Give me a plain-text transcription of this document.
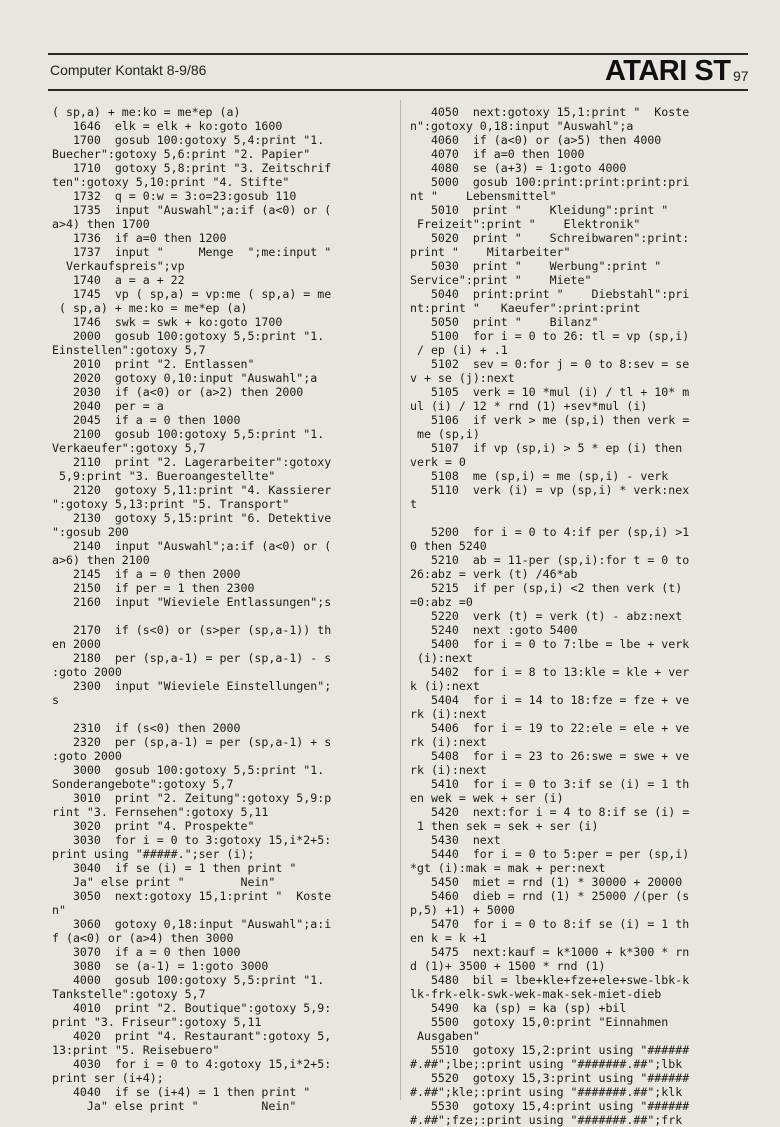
Computer Kontakt 8-9/86	ATARI ST 97
( sp,a) + me:ko = me*ep (a)
1646  elk = elk + ko:goto 1600
1700  gosub 100:gotoxy 5,4:print "1.
Buecher":gotoxy 5,6:print "2. Papier"
1710  gotoxy 5,8:print "3. Zeitschrif
ten":gotoxy 5,10:print "4. Stifte"
1732  q = 0:w = 3:o=23:gosub 110
1735  input "Auswahl";a:if (a<0) or (
a>4) then 1700
1736  if a=0 then 1200
1737  input "     Menge  ";me:input "
Verkaufspreis";vp
1740  a = a + 22
1745  vp ( sp,a) = vp:me ( sp,a) = me
( sp,a) + me:ko = me*ep (a)
1746  swk = swk + ko:goto 1700
2000  gosub 100:gotoxy 5,5:print "1.
Einstellen":gotoxy 5,7
2010  print "2. Entlassen"
2020  gotoxy 0,10:input "Auswahl";a
2030  if (a<0) or (a>2) then 2000
2040  per = a
2045  if a = 0 then 1000
2100  gosub 100:gotoxy 5,5:print "1.
Verkaeufer":gotoxy 5,7
2110  print "2. Lagerarbeiter":gotoxy
5,9:print "3. Bueroangestellte"
2120  gotoxy 5,11:print "4. Kassierer
":gotoxy 5,13:print "5. Transport"
2130  gotoxy 5,15:print "6. Detektive
":gosub 200
2140  input "Auswahl";a:if (a<0) or (
a>6) then 2100
2145  if a = 0 then 2000
2150  if per = 1 then 2300
2160  input "Wieviele Entlassungen";s
2170  if (s<0) or (s>per (sp,a-1)) th
en 2000
2180  per (sp,a-1) = per (sp,a-1) - s
:goto 2000
2300  input "Wieviele Einstellungen";
s
2310  if (s<0) then 2000
2320  per (sp,a-1) = per (sp,a-1) + s
:goto 2000
3000  gosub 100:gotoxy 5,5:print "1.
Sonderangebote":gotoxy 5,7
3010  print "2. Zeitung":gotoxy 5,9:p
rint "3. Fernsehen":gotoxy 5,11
3020  print "4. Prospekte"
3030  for i = 0 to 3:gotoxy 15,i*2+5:
print using "#####.";ser (i);
3040  if se (i) = 1 then print "
Ja" else print "        Nein"
3050  next:gotoxy 15,1:print "  Koste
n"
3060  gotoxy 0,18:input "Auswahl";a:i
f (a<0) or (a>4) then 3000
3070  if a = 0 then 1000
3080  se (a-1) = 1:goto 3000
4000  gosub 100:gotoxy 5,5:print "1.
Tankstelle":gotoxy 5,7
4010  print "2. Boutique":gotoxy 5,9:
print "3. Friseur":gotoxy 5,11
4020  print "4. Restaurant":gotoxy 5,
13:print "5. Reisebuero"
4030  for i = 0 to 4:gotoxy 15,i*2+5:
print ser (i+4);
4040  if se (i+4) = 1 then print "
Ja" else print "         Nein"
4050  next:gotoxy 15,1:print "  Koste
n":gotoxy 0,18:input "Auswahl";a
4060  if (a<0) or (a>5) then 4000
4070  if a=0 then 1000
4080  se (a+3) = 1:goto 4000
5000  gosub 100:print:print:print:pri
nt "    Lebensmittel"
5010  print "    Kleidung":print "
Freizeit":print "    Elektronik"
5020  print "    Schreibwaren":print:
print "    Mitarbeiter"
5030  print "    Werbung":print "
Service":print "    Miete"
5040  print:print "    Diebstahl":pri
nt:print "   Kaeufer":print:print
5050  print "    Bilanz"
5100  for i = 0 to 26: tl = vp (sp,i)
/ ep (i) + .1
5102  sev = 0:for j = 0 to 8:sev = se
v + se (j):next
5105  verk = 10 *mul (i) / tl + 10* m
ul (i) / 12 * rnd (1) +sev*mul (i)
5106  if verk > me (sp,i) then verk =
me (sp,i)
5107  if vp (sp,i) > 5 * ep (i) then
verk = 0
5108  me (sp,i) = me (sp,i) - verk
5110  verk (i) = vp (sp,i) * verk:nex
t
5200  for i = 0 to 4:if per (sp,i) >1
0 then 5240
5210  ab = 11-per (sp,i):for t = 0 to
26:abz = verk (t) /46*ab
5215  if per (sp,i) <2 then verk (t)
=0:abz =0
5220  verk (t) = verk (t) - abz:next
5240  next :goto 5400
5400  for i = 0 to 7:lbe = lbe + verk
(i):next
5402  for i = 8 to 13:kle = kle + ver
k (i):next
5404  for i = 14 to 18:fze = fze + ve
rk (i):next
5406  for i = 19 to 22:ele = ele + ve
rk (i):next
5408  for i = 23 to 26:swe = swe + ve
rk (i):next
5410  for i = 0 to 3:if se (i) = 1 th
en wek = wek + ser (i)
5420  next:for i = 4 to 8:if se (i) =
1 then sek = sek + ser (i)
5430  next
5440  for i = 0 to 5:per = per (sp,i)
*gt (i):mak = mak + per:next
5450  miet = rnd (1) * 30000 + 20000
5460  dieb = rnd (1) * 25000 /(per (s
p,5) +1) + 5000
5470  for i = 0 to 8:if se (i) = 1 th
en k = k +1
5475  next:kauf = k*1000 + k*300 * rn
d (1)+ 3500 + 1500 * rnd (1)
5480  bil = lbe+kle+fze+ele+swe-lbk-k
lk-frk-elk-swk-wek-mak-sek-miet-dieb
5490  ka (sp) = ka (sp) +bil
5500  gotoxy 15,0:print "Einnahmen
Ausgaben"
5510  gotoxy 15,2:print using "######
#.##";lbe;:print using "#######.##";lbk
5520  gotoxy 15,3:print using "######
#.##";kle;:print using "#######.##";klk
5530  gotoxy 15,4:print using "######
#.##";fze;:print using "#######.##";frk
